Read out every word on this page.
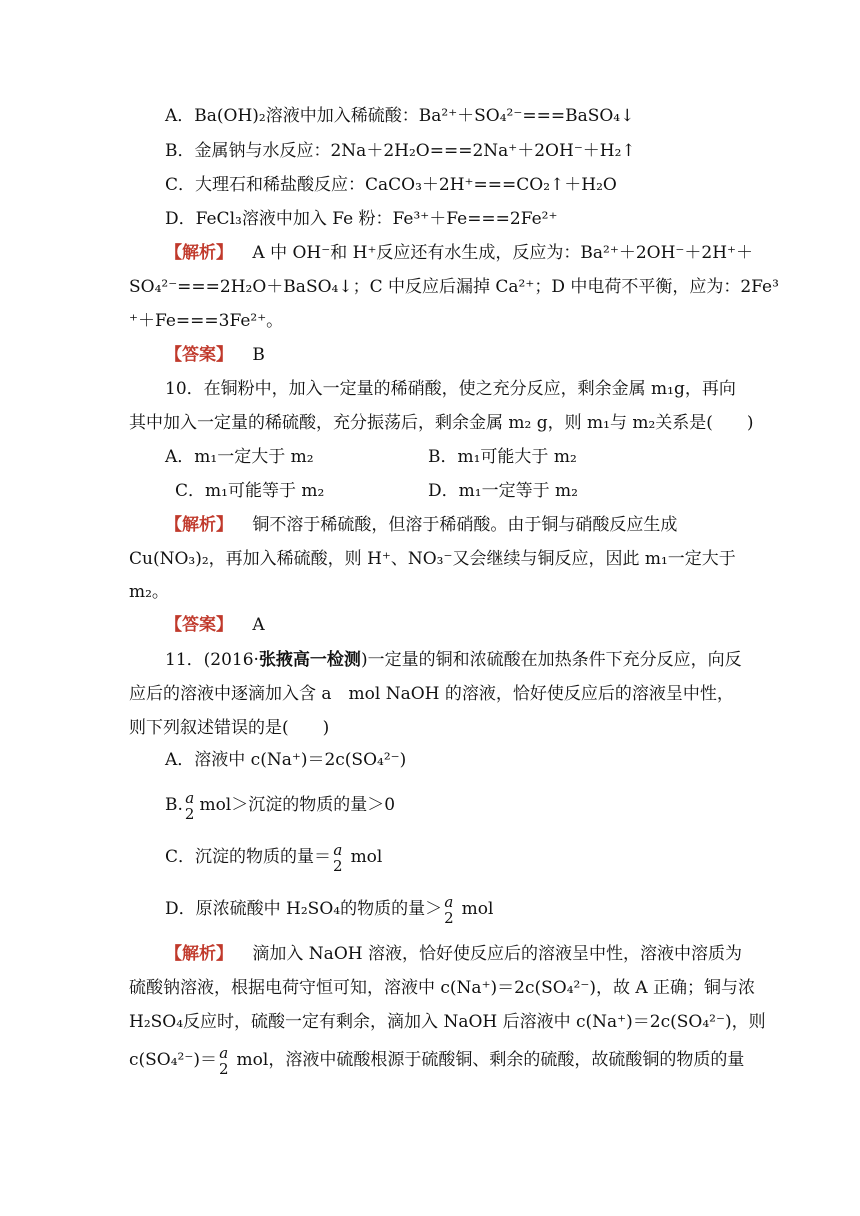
A．Ba(OH)₂溶液中加入稀硫酸：Ba²⁺＋SO₄²⁻===BaSO₄↓
B．金属钠与水反应：2Na＋2H₂O===2Na⁺＋2OH⁻＋H₂↑
C．大理石和稀盐酸反应：CaCO₃＋2H⁺===CO₂↑＋H₂O
D．FeCl₃溶液中加入 Fe 粉：Fe³⁺＋Fe===2Fe²⁺
【解析】 A 中 OH⁻和 H⁺反应还有水生成，反应为：Ba²⁺＋2OH⁻＋2H⁺＋
SO₄²⁻===2H₂O＋BaSO₄↓；C 中反应后漏掉 Ca²⁺；D 中电荷不平衡，应为：2Fe³
⁺＋Fe===3Fe²⁺。
【答案】 B
10．在铜粉中，加入一定量的稀硝酸，使之充分反应，剩余金属 m₁g，再向
其中加入一定量的稀硫酸，充分振荡后，剩余金属 m₂ g，则 m₁与 m₂关系是(　　)
A．m₁一定大于 m₂	B．m₁可能大于 m₂
C．m₁可能等于 m₂	D．m₁一定等于 m₂
【解析】 铜不溶于稀硫酸，但溶于稀硝酸。由于铜与硝酸反应生成
Cu(NO₃)₂，再加入稀硫酸，则 H⁺、NO₃⁻又会继续与铜反应，因此 m₁一定大于
m₂。
【答案】 A
11．(2016·张掖高一检测)一定量的铜和浓硫酸在加热条件下充分反应，向反
应后的溶液中逐滴加入含 a　mol NaOH 的溶液，恰好使反应后的溶液呈中性，
则下列叙述错误的是(　　)
A．溶液中 c(Na⁺)＝2c(SO₄²⁻)
B. a
2 mol＞沉淀的物质的量＞0
C．沉淀的物质的量＝ a
2 mol
D．原浓硫酸中 H₂SO₄的物质的量＞ a
2 mol
【解析】 滴加入 NaOH 溶液，恰好使反应后的溶液呈中性，溶液中溶质为
硫酸钠溶液，根据电荷守恒可知，溶液中 c(Na⁺)＝2c(SO₄²⁻)，故 A 正确；铜与浓
H₂SO₄反应时，硫酸一定有剩余，滴加入 NaOH 后溶液中 c(Na⁺)＝2c(SO₄²⁻)，则
c(SO₄²⁻)＝ a
2 mol，溶液中硫酸根源于硫酸铜、剩余的硫酸，故硫酸铜的物质的量
